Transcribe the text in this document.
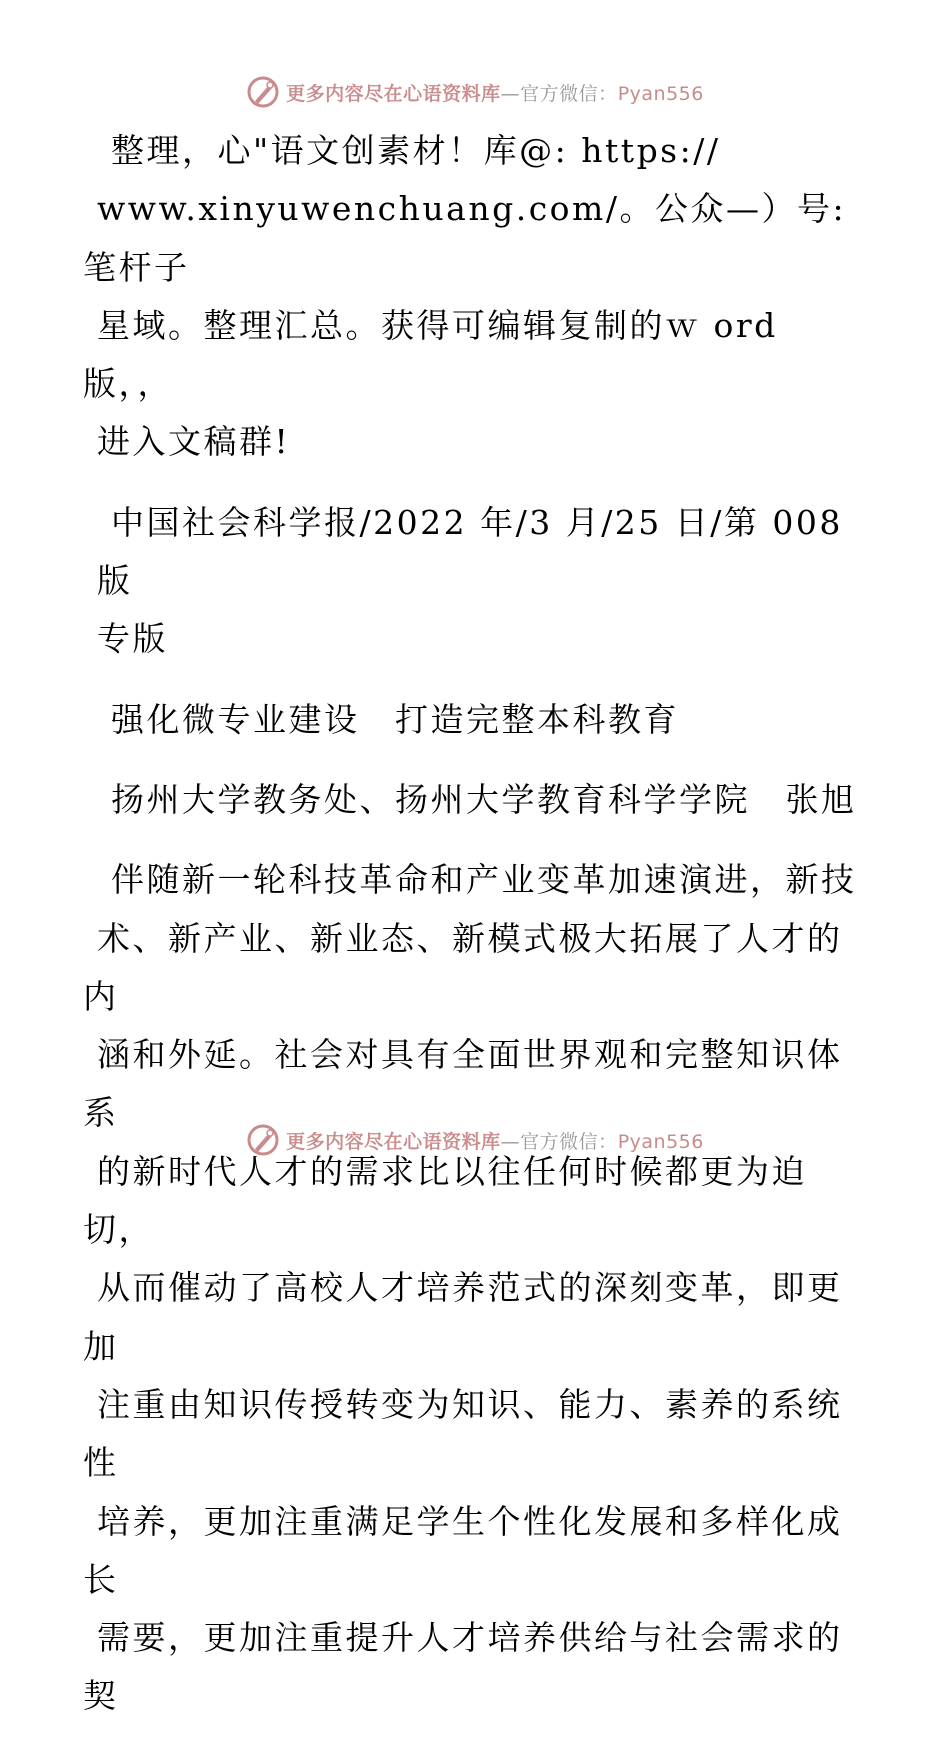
更多内容尽在心语资料库—官方微信：Pyan556

整理，心"语文创素材！库@: https://
www.xinyuwenchuang.com/。公众—）号: 笔杆子
星域。整理汇总。获得可编辑复制的ｗ ord版，，
进入文稿群!

中国社会科学报/2022 年/3 月/25 日/第 008 版
专版

强化微专业建设　打造完整本科教育

扬州大学教务处、扬州大学教育科学学院　张旭

伴随新一轮科技革命和产业变革加速演进，新技
术、新产业、新业态、新模式极大拓展了人才的内
涵和外延。社会对具有全面世界观和完整知识体系
的新时代人才的需求比以往任何时候都更为迫切，
从而催动了高校人才培养范式的深刻变革，即更加
注重由知识传授转变为知识、能力、素养的系统性
培养，更加注重满足学生个性化发展和多样化成长
需要，更加注重提升人才培养供给与社会需求的契

更多内容尽在心语资料库—官方微信：Pyan556
